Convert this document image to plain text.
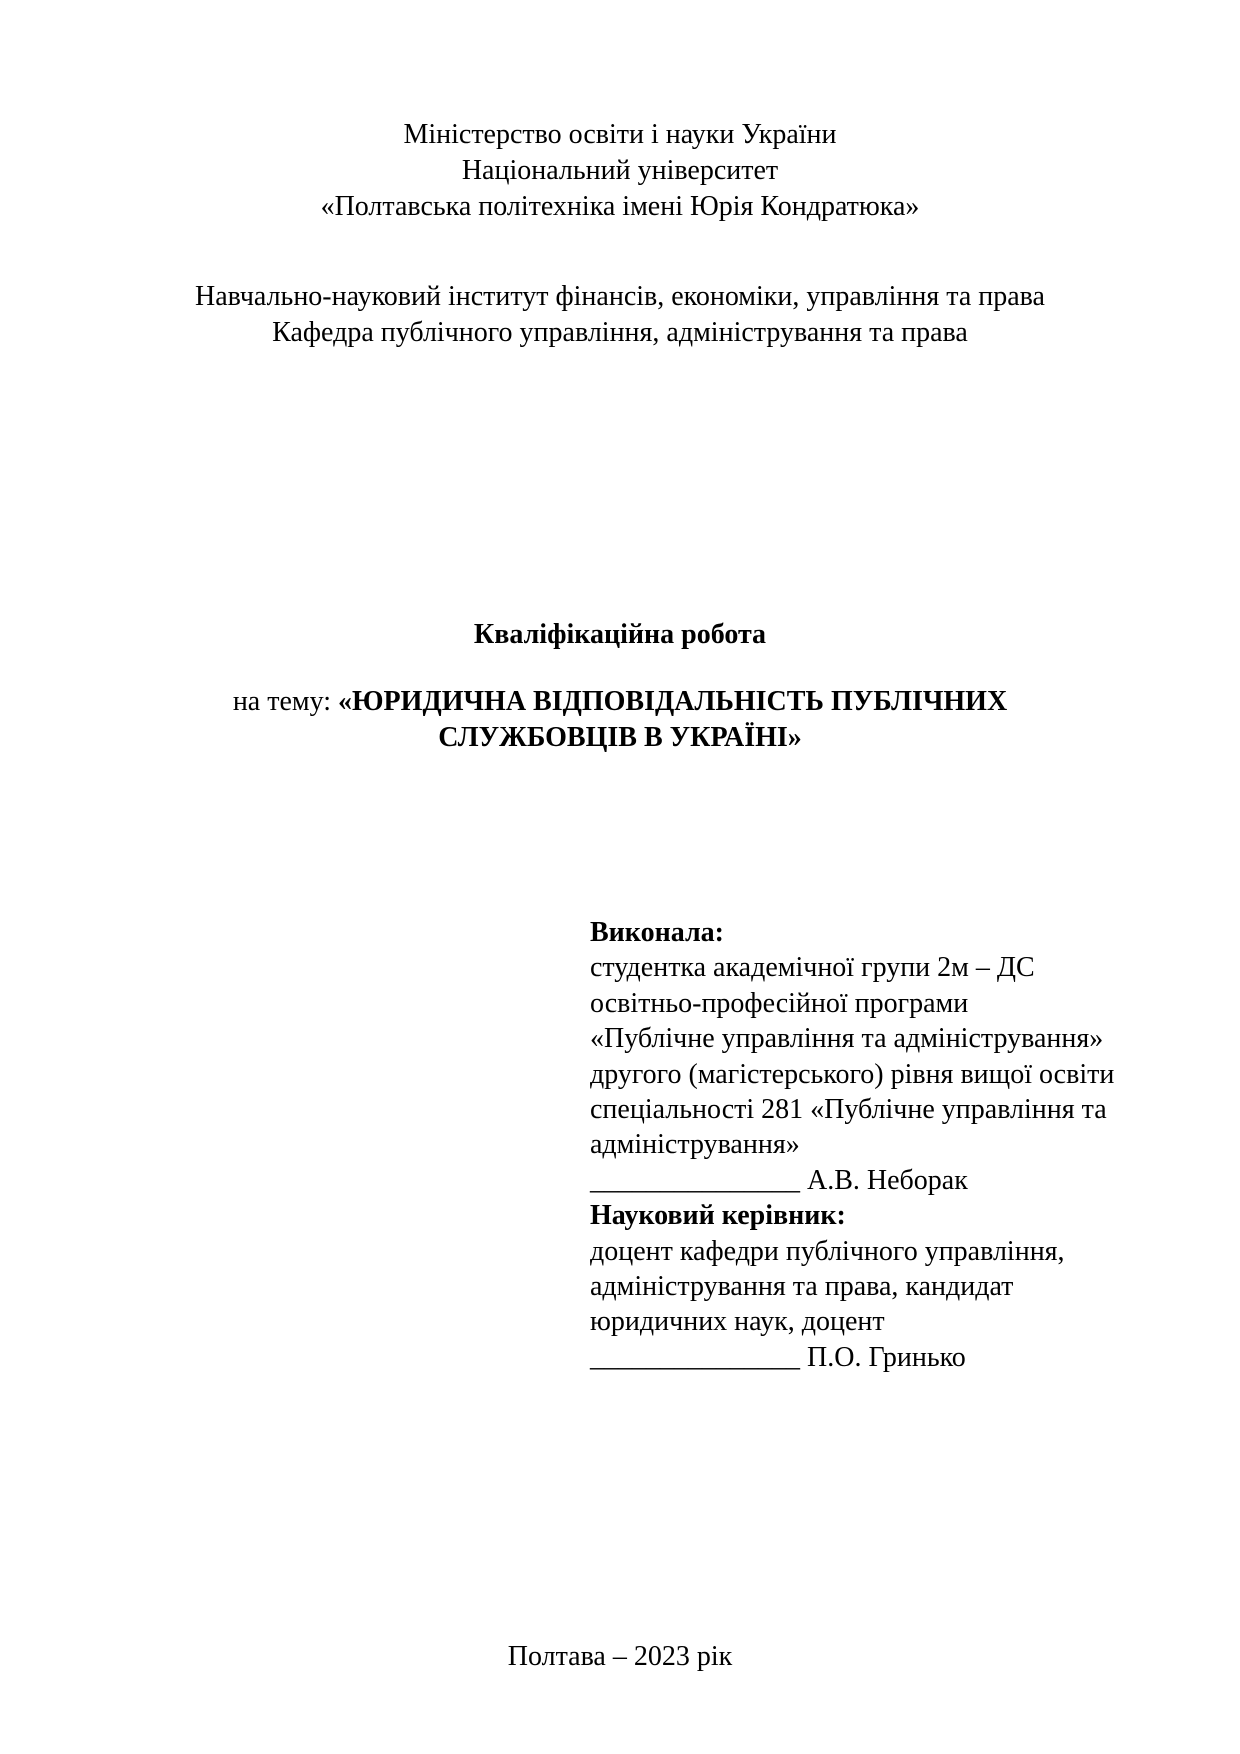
Міністерство освіти і науки України
Національний університет
«Полтавська політехніка імені Юрія Кондратюка»
Навчально-науковий інститут фінансів, економіки, управління та права
Кафедра публічного управління, адміністрування та права
Кваліфікаційна робота
на тему: «ЮРИДИЧНА ВІДПОВІДАЛЬНІСТЬ ПУБЛІЧНИХ
СЛУЖБОВЦІВ В УКРАЇНІ»
Виконала:
студентка академічної групи 2м – ДС
освітньо-професійної програми
«Публічне управління та адміністрування»
другого (магістерського) рівня вищої освіти
спеціальності 281 «Публічне управління та
адміністрування»
_______________ А.В. Неборак
Науковий керівник:
доцент кафедри публічного управління,
адміністрування та права, кандидат
юридичних наук, доцент
_______________ П.О. Гринько
Полтава – 2023 рік
